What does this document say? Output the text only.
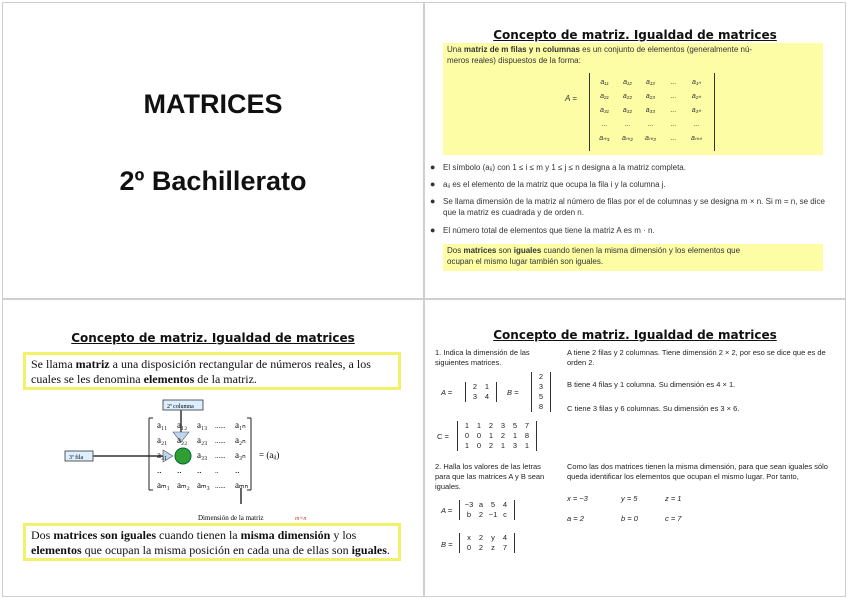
MATRICES
2º Bachillerato
Concepto de matriz. Igualdad de matrices
Una matriz de m filas y n columnas es un conjunto de elementos (generalmente nú-
meros reales) dispuestos de la forma:
A =
a₁₁	a₁₂	a₁₃	...	a₁ₙ
a₂₁	a₂₂	a₂₃	...	a₂ₙ
a₃₁	a₃₂	a₃₃	...	a₃ₙ
...	...	...	...	...
aₘ₁	aₘ₂	aₘ₃	...	aₘₙ
● El símbolo (aᵢⱼ) con 1 ≤ i ≤ m y 1 ≤ j ≤ n designa a la matriz completa.
● aᵢⱼ es el elemento de la matriz que ocupa la fila i y la columna j.
● Se llama dimensión de la matriz al número de filas por el de columnas y se designa m × n. Si m = n, se dice que la matriz es cuadrada y de orden n.
● El número total de elementos que tiene la matriz A es m · n.
Dos matrices son iguales cuando tienen la misma dimensión y los elementos que
ocupan el mismo lugar también son iguales.
Concepto de matriz. Igualdad de matrices
Se llama matriz a una disposición rectangular de números reales, a los
cuales se les denomina elementos de la matriz.
2ª columna
3ª fila
a₁₁ a₁₂ a₁₃ ...... a₁ₙ
a₂₁ a₂₂ a₂₃ ...... a₂ₙ
a₃₁	a₃₃ ...... a₃ₙ
.. .. .. .. ..
aₘ₁ aₘ₂ aₘ₃ ...... aₘₙ
= (aᵢⱼ)
Dimensión de la matriz	m×n
Dos matrices son iguales cuando tienen la misma dimensión y los
elementos que ocupan la misma posición en cada una de ellas son iguales.
Concepto de matriz. Igualdad de matrices
1. Indica la dimensión de las siguientes matrices.
A =
2 1
3 4	B =
2
3
5
8
C =
1 1 2 3 5 7
0 0 1 2 1 8
1 0 2 1 3 1
A tiene 2 filas y 2 columnas. Tiene dimensión 2 × 2, por eso se dice que es de orden 2.
B tiene 4 filas y 1 columna. Su dimensión es 4 × 1.
C tiene 3 filas y 6 columnas. Su dimensión es 3 × 6.
2. Halla los valores de las letras para que las matrices A y B sean iguales.
A =
−3 a 5 4
b 2 −1 c
B =
x 2 y 4
0 2 z 7
Como las dos matrices tienen la misma dimensión, para que sean iguales sólo queda identificar los elementos que ocupan el mismo lugar. Por tanto,
x = −3	y = 5	z = 1
a = 2	b = 0	c = 7
